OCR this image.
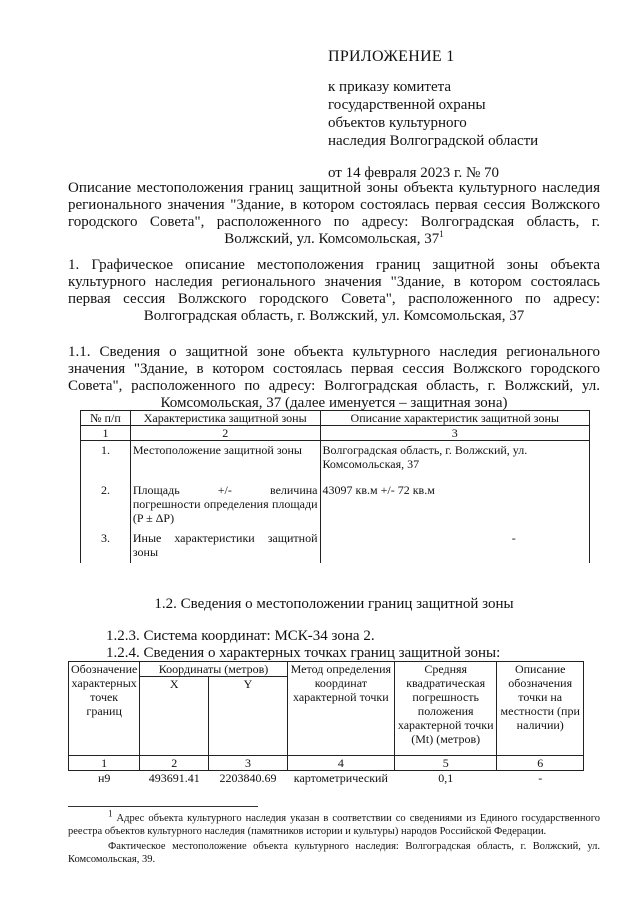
ПРИЛОЖЕНИЕ 1
к приказу комитета
государственной охраны
объектов культурного
наследия Волгоградской области
от 14 февраля 2023 г. № 70

Описание местоположения границ защитной зоны объекта культурного наследия регионального значения "Здание, в котором состоялась первая сессия Волжского городского Совета", расположенного по адресу: Волгоградская область, г. Волжский, ул. Комсомольская, $37^1$

1. Графическое описание местоположения границ защитной зоны объекта культурного наследия регионального значения "Здание, в котором состоялась первая сессия Волжского городского Совета", расположенного по адресу: Волгоградская область, г. Волжский, ул. Комсомольская, 37

1.1. Сведения о защитной зоне объекта культурного наследия регионального значения "Здание, в котором состоялась первая сессия Волжского городского Совета", расположенного по адресу: Волгоградская область, г. Волжский, ул. Комсомольская, 37 (далее именуется – защитная зона)

№ п/п	Характеристика защитной зоны	Описание характеристик защитной зоны
1	2	3
1.	Местоположение защитной зоны	Волгоградская область, г. Волжский, ул. Комсомольская, 37
2.	Площадь +/- величина погрешности определения площади (P ± ΔP)	43097 кв.м +/- 72 кв.м
3.	Иные характеристики защитной зоны	-

1.2. Сведения о местоположении границ защитной зоны

1.2.3. Система координат: МСК-34 зона 2.

1.2.4. Сведения о характерных точках границ защитной зоны:

Обозначение характерных точек границ	Координаты (метров)		Метод определения координат характерной точки	Средняя квадратическая погрешность положения характерной точки (Mt) (метров)	Описание обозначения точки на местности (при наличии)
	X	Y			
1	2	3	4	5	6
н9	493691.41	2203840.69	картометрический	0,1	-

1 Адрес объекта культурного наследия указан в соответствии со сведениями из Единого государственного реестра объектов культурного наследия (памятников истории и культуры) народов Российской Федерации.

Фактическое местоположение объекта культурного наследия: Волгоградская область, г. Волжский, ул. Комсомольская, 39.
